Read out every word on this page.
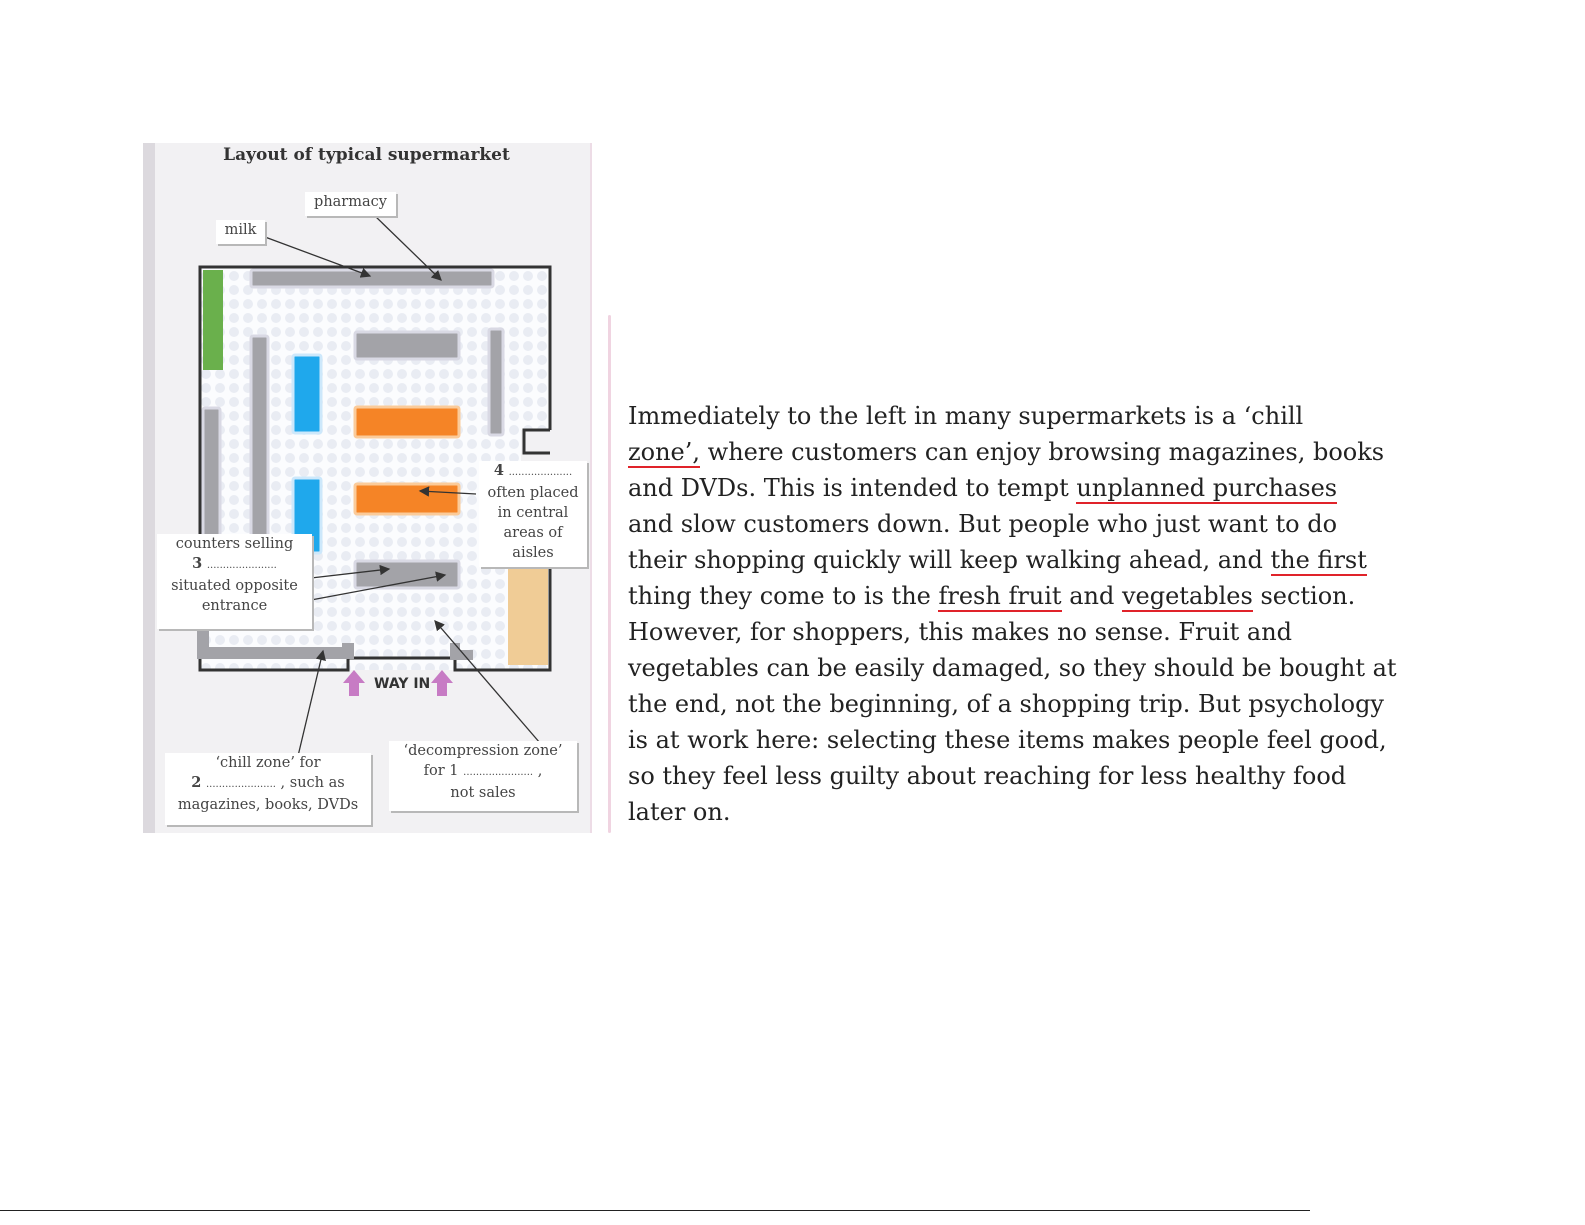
WAY IN
Layout of typical supermarket
pharmacy
milk
4 ....................
often placed
in central
areas of
aisles
counters selling
3 ......................
situated opposite
entrance
‘chill zone’ for
2 ...................... , such as
magazines, books, DVDs
‘decompression zone’
for 1 ...................... ,
not sales
Immediately to the left in many supermarkets is a ‘chill
zone’, where customers can enjoy browsing magazines, books
and DVDs. This is intended to tempt unplanned purchases
and slow customers down. But people who just want to do
their shopping quickly will keep walking ahead, and the first
thing they come to is the fresh fruit and vegetables section.
However, for shoppers, this makes no sense. Fruit and
vegetables can be easily damaged, so they should be bought at
the end, not the beginning, of a shopping trip. But psychology
is at work here: selecting these items makes people feel good,
so they feel less guilty about reaching for less healthy food
later on.
